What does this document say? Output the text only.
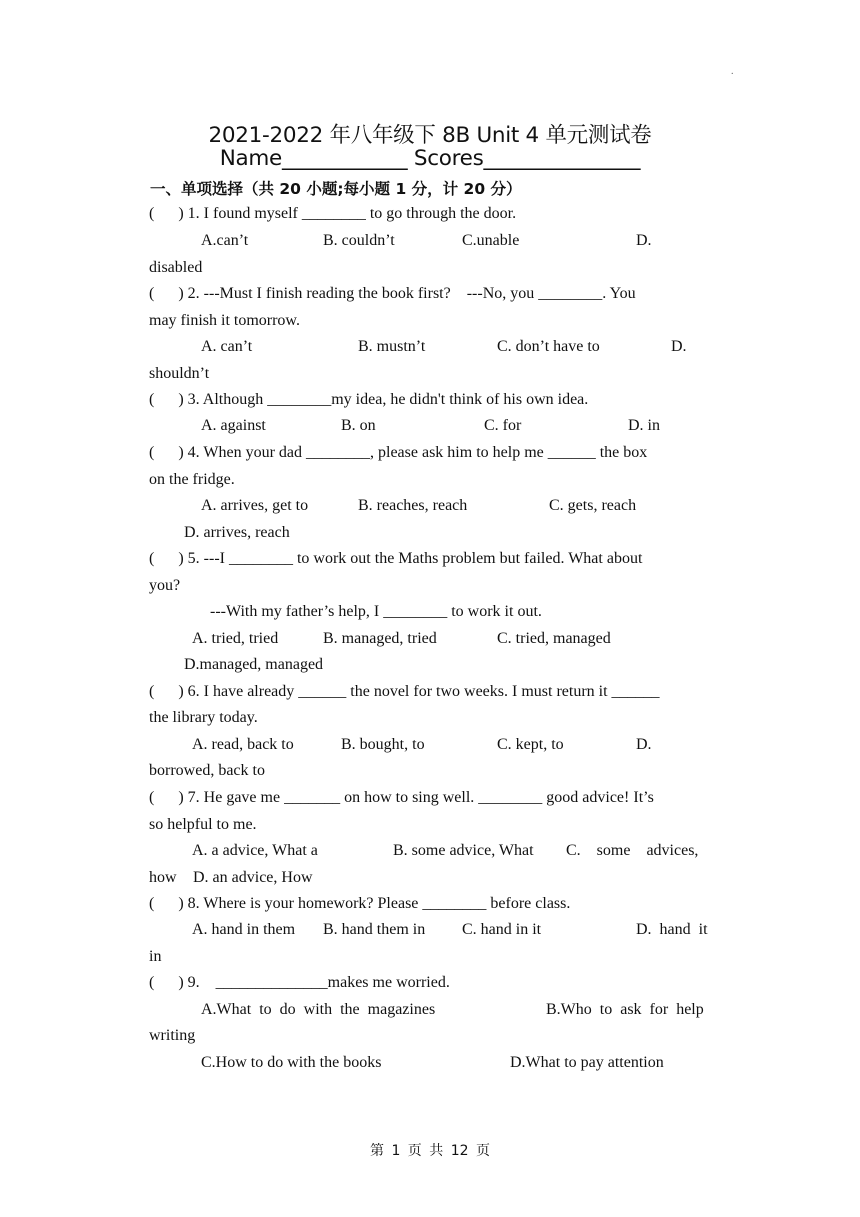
.
2021-2022 年八年级下 8B Unit 4 单元测试卷
Name____________ Scores_______________
一、单项选择（共 20 小题;每小题 1 分，计 20 分）
(      ) 1. I found myself ________ to go through the door.
A.can’t	B. couldn’t	C.unable	D.
disabled
(      ) 2. ---Must I finish reading the book first?    ---No, you ________. You
may finish it tomorrow.
A. can’t	B. mustn’t	C. don’t have to	D.
shouldn’t
(      ) 3. Although ________my idea, he didn't think of his own idea.
A. against	B. on	C. for	D. in
(      ) 4. When your dad ________, please ask him to help me ______ the box
on the fridge.
A. arrives, get to	B. reaches, reach	C. gets, reach
D. arrives, reach
(      ) 5. ---I ________ to work out the Maths problem but failed. What about
you?
---With my father’s help, I ________ to work it out.
A. tried, tried	B. managed, tried	C. tried, managed
D.managed, managed
(      ) 6. I have already ______ the novel for two weeks. I must return it ______
the library today.
A. read, back to	B. bought, to	C. kept, to	D.
borrowed, back to
(      ) 7. He gave me _______ on how to sing well. ________ good advice! It’s
so helpful to me.
A. a advice, What a	B. some advice, What C.    some    advices,
how D. an advice, How
(      ) 8. Where is your homework? Please ________ before class.
A. hand in them B. hand them in C. hand in it	D.  hand  it
in
(      ) 9.    ______________makes me worried.
A.What  to  do  with  the  magazines	B.Who  to  ask  for  help
writing
C.How to do with the books	D.What to pay attention
第 1 页 共 12 页
